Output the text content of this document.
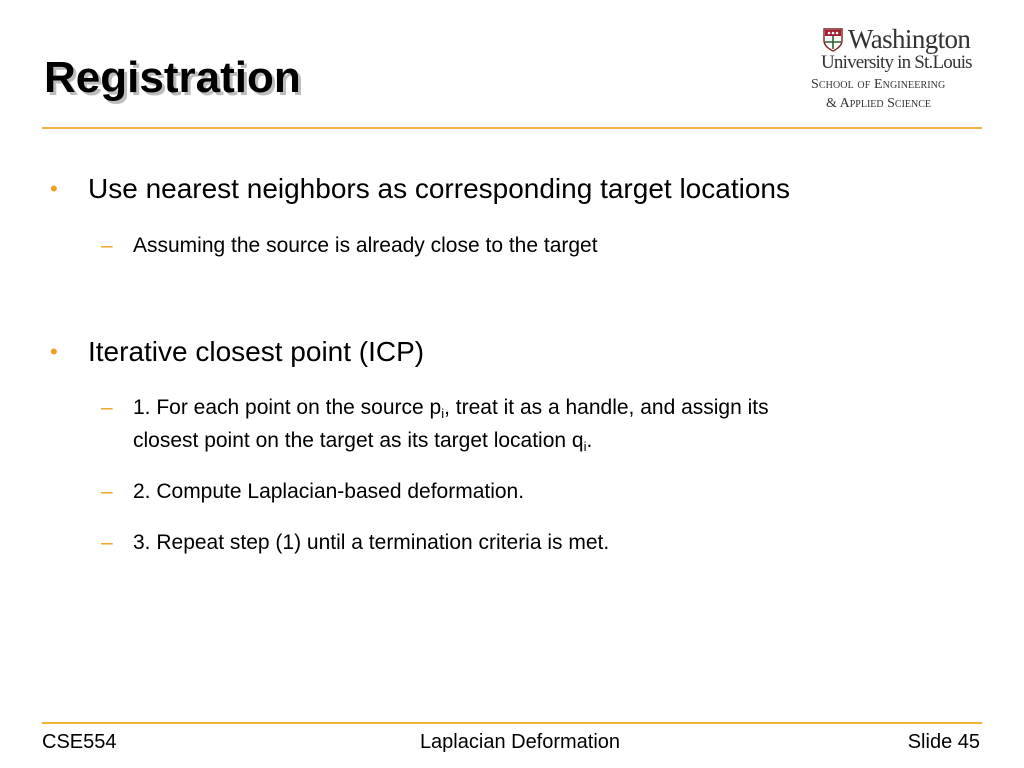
Registration
Washington
University in St.Louis
School of Engineering
& Applied Science
• Use nearest neighbors as corresponding target locations
– Assuming the source is already close to the target
• Iterative closest point (ICP)
– 1. For each point on the source $p_i$, treat it as a handle, and assign its
closest point on the target as its target location $q_i$.
– 2. Compute Laplacian-based deformation.
– 3. Repeat step (1) until a termination criteria is met.
CSE554	Laplacian Deformation	Slide 45
